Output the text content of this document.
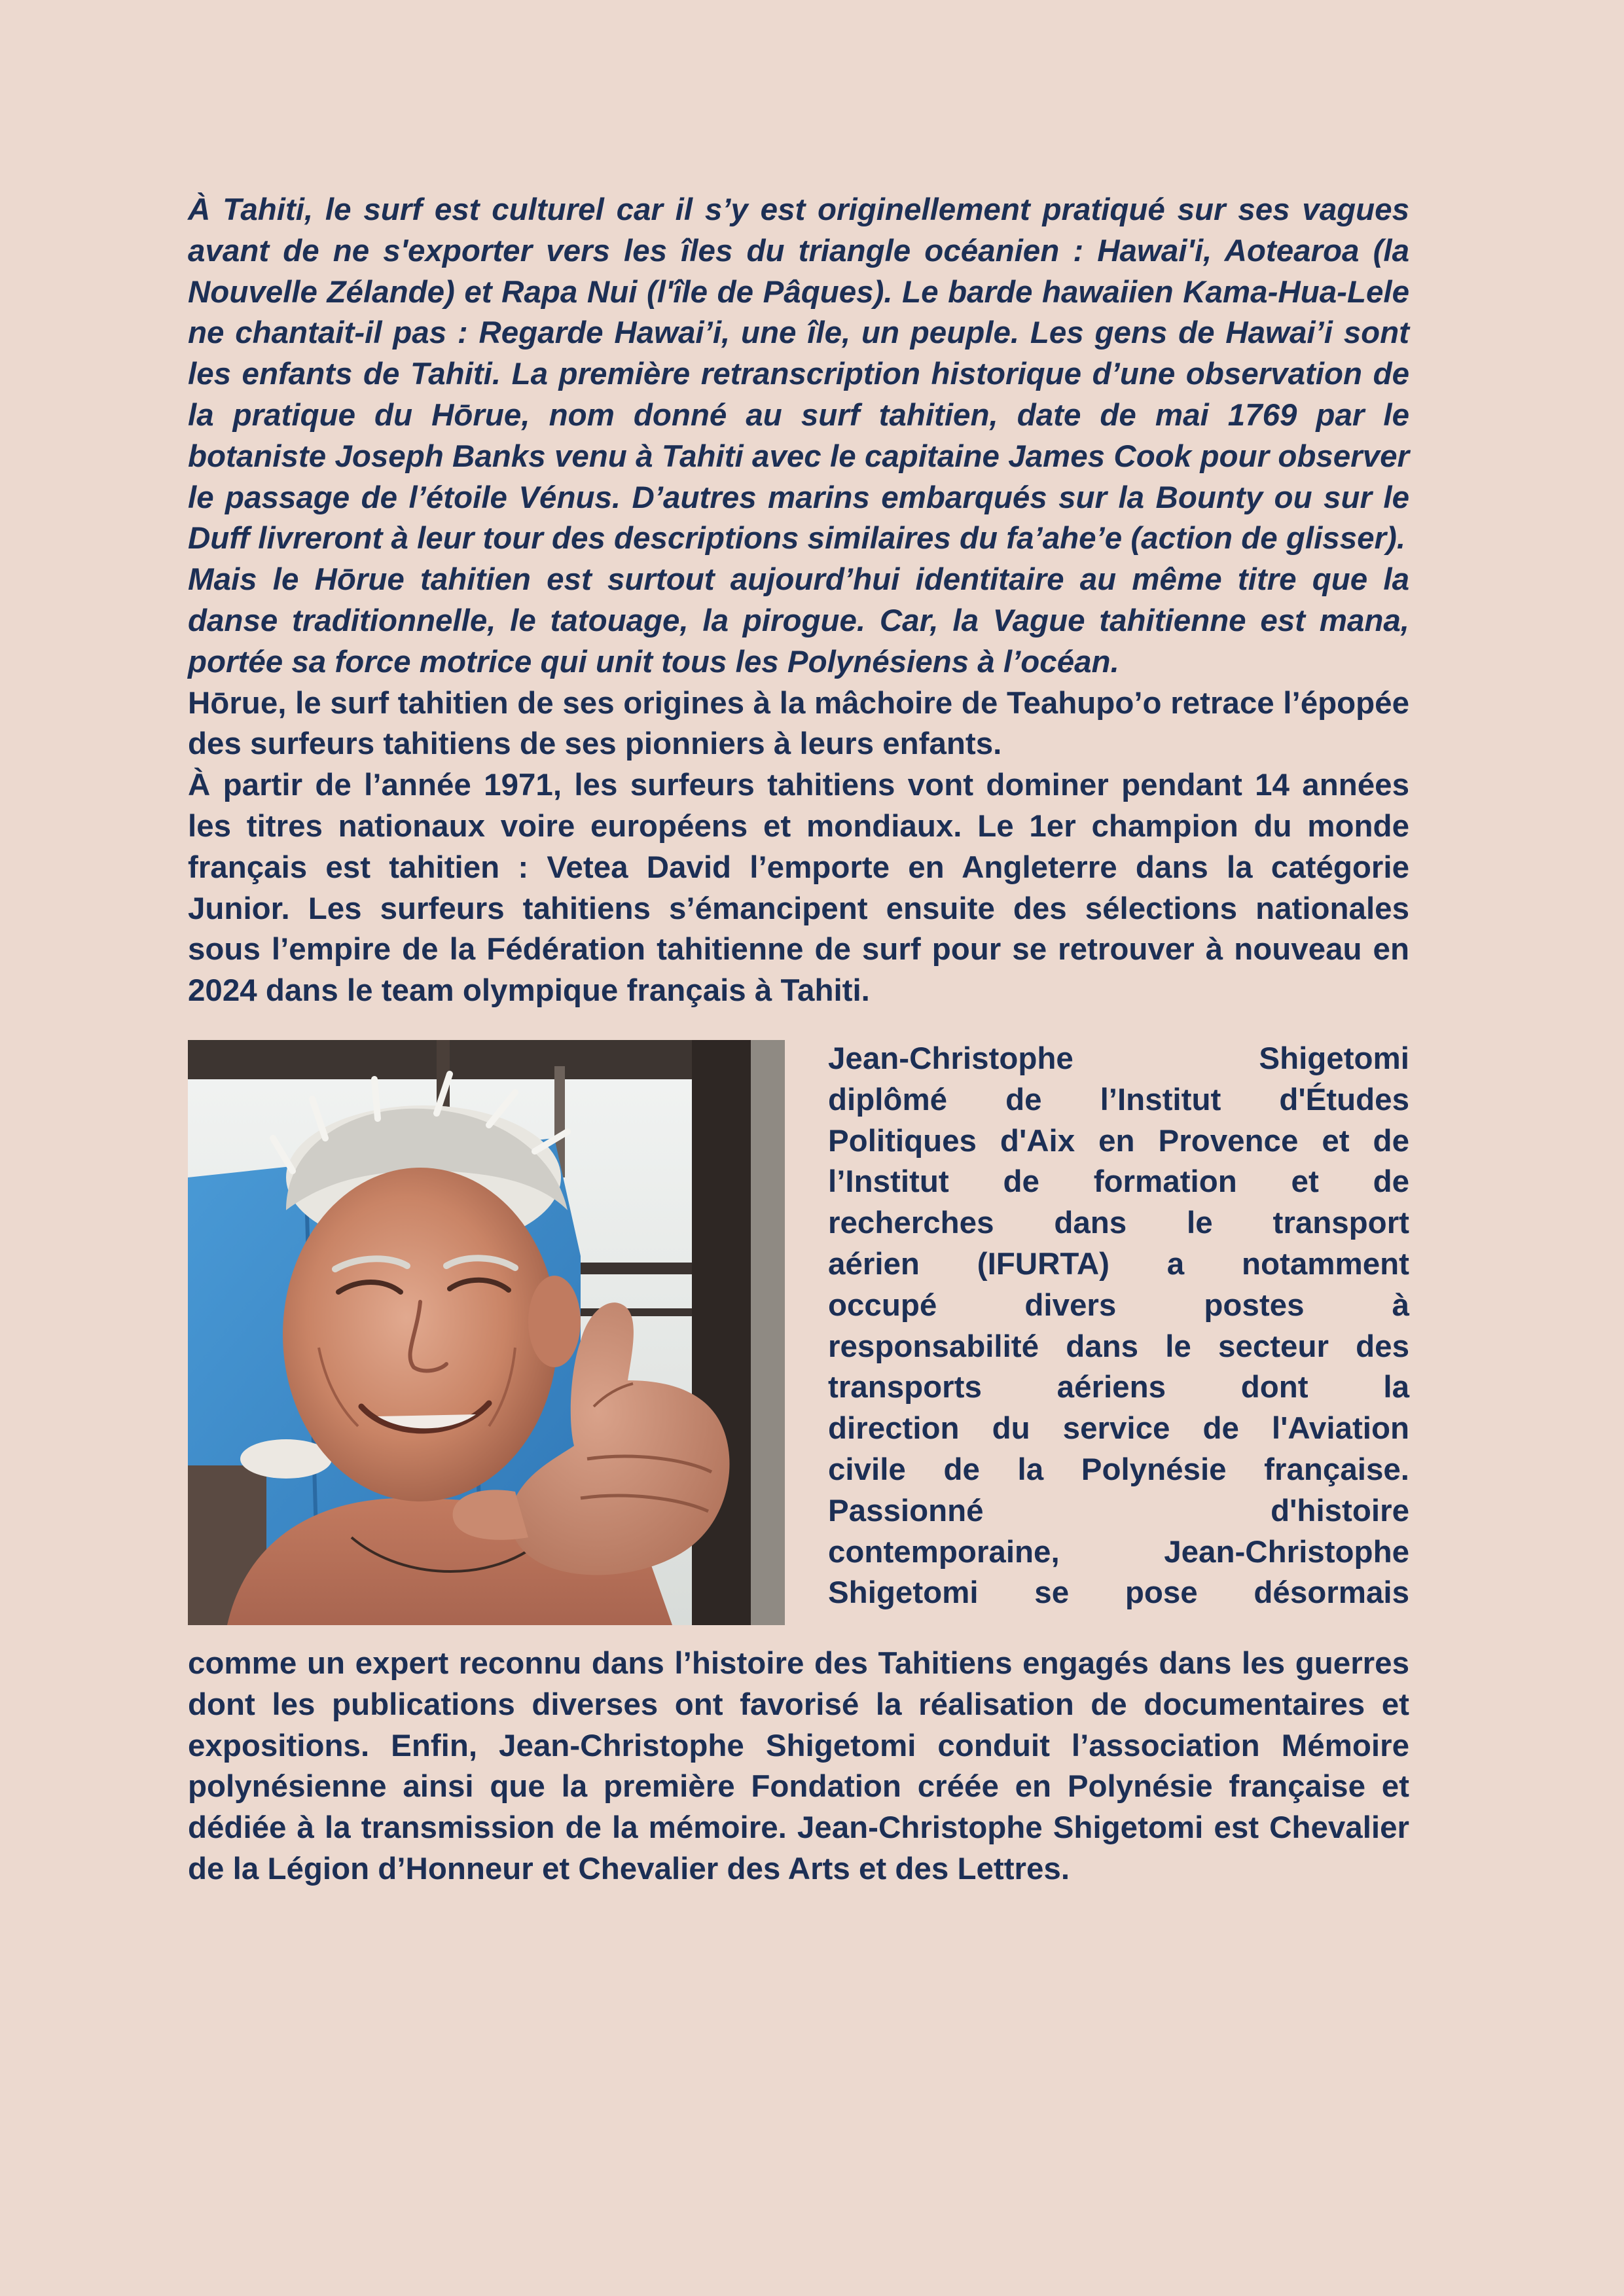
À Tahiti, le surf est culturel car il s’y est originellement pratiqué sur ses vagues avant de ne s'exporter vers les îles du triangle océanien : Hawai'i, Aotearoa (la Nouvelle Zélande) et Rapa Nui (l'île de Pâques). Le barde hawaiien Kama-Hua-Lele ne chantait-il pas : Regarde Hawai’i, une île, un peuple. Les gens de Hawai’i sont les enfants de Tahiti. La première retranscription historique d’une observation de la pratique du Hōrue, nom donné au surf tahitien, date de mai 1769 par le botaniste Joseph Banks venu à Tahiti avec le capitaine James Cook pour observer le passage de l’étoile Vénus. D’autres marins embarqués sur la Bounty ou sur le Duff livreront à leur tour des descriptions similaires du fa’ahe’e (action de glisser).

Mais le Hōrue tahitien est surtout aujourd’hui identitaire au même titre que la danse traditionnelle, le tatouage, la pirogue. Car, la Vague tahitienne est mana, portée sa force motrice qui unit tous les Polynésiens à l’océan.

Hōrue, le surf tahitien de ses origines à la mâchoire de Teahupo’o retrace l’épopée des surfeurs tahitiens de ses pionniers à leurs enfants.

À partir de l’année 1971, les surfeurs tahitiens vont dominer pendant 14 années les titres nationaux voire européens et mondiaux. Le 1er champion du monde français est tahitien : Vetea David l’emporte en Angleterre dans la catégorie Junior. Les surfeurs tahitiens s’émancipent ensuite des sélections nationales sous l’empire de la Fédération tahitienne de surf pour se retrouver à nouveau en 2024 dans le team olympique français à Tahiti.

Jean-Christophe Shigetomi
diplômé de l’Institut d'Études
Politiques d'Aix en Provence et de
l’Institut de formation et de
recherches dans le transport
aérien (IFURTA) a notamment
occupé divers postes à
responsabilité dans le secteur des
transports aériens dont la
direction du service de l'Aviation
civile de la Polynésie française.
Passionné d'histoire
contemporaine, Jean-Christophe
Shigetomi se pose désormais

comme un expert reconnu dans l’histoire des Tahitiens engagés dans les guerres dont les publications diverses ont favorisé la réalisation de documentaires et expositions. Enfin, Jean-Christophe Shigetomi conduit l’association Mémoire polynésienne ainsi que la première Fondation créée en Polynésie française et dédiée à la transmission de la mémoire. Jean-Christophe Shigetomi est Chevalier de la Légion d’Honneur et Chevalier des Arts et des Lettres.
